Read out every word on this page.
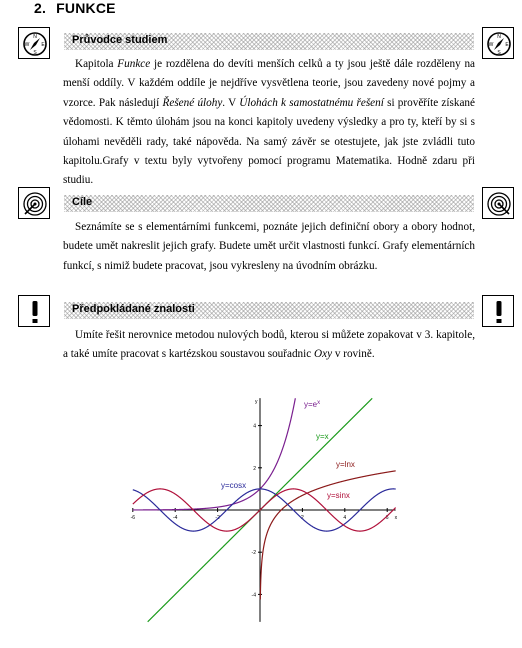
2. FUNKCE
N
S
W E
N
S
W E
Průvodce studiem
Kapitola Funkce je rozdělena do devíti menších celků a ty jsou ještě dále rozděleny na menší oddíly. V každém oddíle je nejdříve vysvětlena teorie, jsou zavedeny nové pojmy a vzorce. Pak následují Řešené úlohy. V Úlohách k samostatnému řešení si prověříte získané vědomosti. K těmto úlohám jsou na konci kapitoly uvedeny výsledky a pro ty, kteří by si s úlohami nevěděli rady, také nápověda. Na samý závěr se otestujete, jak jste zvládli tuto kapitolu.Grafy v textu byly vytvořeny pomocí programu Matematika. Hodně zdaru při studiu.
Cíle
Seznámíte se s elementárními funkcemi, poznáte jejich definiční obory a obory hodnot, budete umět nakreslit jejich grafy. Budete umět určit vlastnosti funkcí. Grafy elementárních funkcí, s nimiž budete pracovat, jsou vykresleny na úvodním obrázku.
Předpokládané znalosti
Umíte řešit nerovnice metodou nulových bodů, kterou si můžete zopakovat v 3. kapitole, a také umíte pracovat s kartézskou soustavou souřadnic Oxy v rovině.
-6	-4	-2	2	4	6
4
2
-2
-4
x
y	$y=e^x$
y=x
y=lnx
y=cosx
y=sinx
